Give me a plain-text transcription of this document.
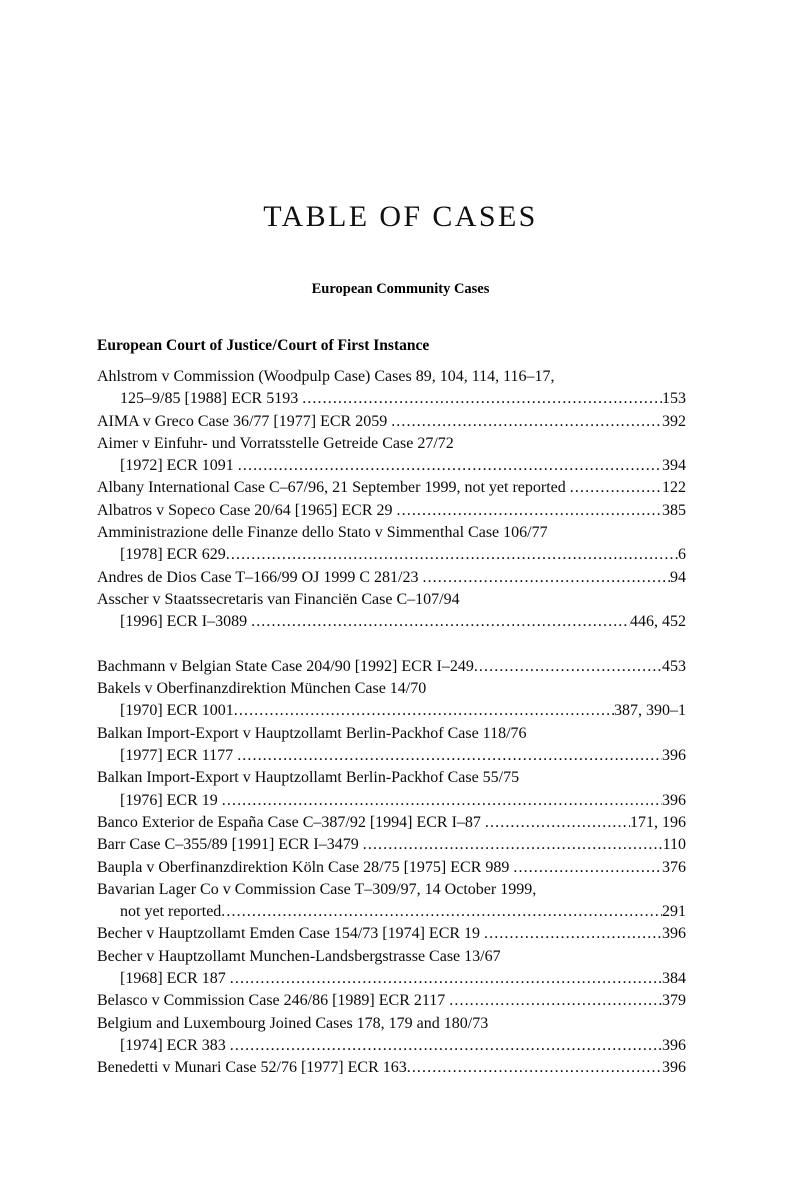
TABLE OF CASES
European Community Cases
European Court of Justice/Court of First Instance
Ahlstrom v Commission (Woodpulp Case) Cases 89, 104, 114, 116–17,
125–9/85 [1988] ECR 5193 .....	153
AIMA v Greco Case 36/77 [1977] ECR 2059 .....	392
Aimer v Einfuhr- und Vorratsstelle Getreide Case 27/72
[1972] ECR 1091 .....	394
Albany International Case C–67/96, 21 September 1999, not yet reported .....	122
Albatros v Sopeco Case 20/64 [1965] ECR 29 .....	385
Amministrazione delle Finanze dello Stato v Simmenthal Case 106/77
[1978] ECR 629 .....	6
Andres de Dios Case T–166/99 OJ 1999 C 281/23 .....	94
Asscher v Staatssecretaris van Financiën Case C–107/94
[1996] ECR I–3089 .....	446, 452
Bachmann v Belgian State Case 204/90 [1992] ECR I–249 .....	453
Bakels v Oberfinanzdirektion München Case 14/70
[1970] ECR 1001 .....	387, 390–1
Balkan Import-Export v Hauptzollamt Berlin-Packhof Case 118/76
[1977] ECR 1177 .....	396
Balkan Import-Export v Hauptzollamt Berlin-Packhof Case 55/75
[1976] ECR 19 .....	396
Banco Exterior de España Case C–387/92 [1994] ECR I–87 .....	171, 196
Barr Case C–355/89 [1991] ECR I–3479 .....	110
Baupla v Oberfinanzdirektion Köln Case 28/75 [1975] ECR 989 .....	376
Bavarian Lager Co v Commission Case T–309/97, 14 October 1999,
not yet reported .....	291
Becher v Hauptzollamt Emden Case 154/73 [1974] ECR 19 .....	396
Becher v Hauptzollamt Munchen-Landsbergstrasse Case 13/67
[1968] ECR 187 .....	384
Belasco v Commission Case 246/86 [1989] ECR 2117 .....	379
Belgium and Luxembourg Joined Cases 178, 179 and 180/73
[1974] ECR 383 .....	396
Benedetti v Munari Case 52/76 [1977] ECR 163 .....	396
